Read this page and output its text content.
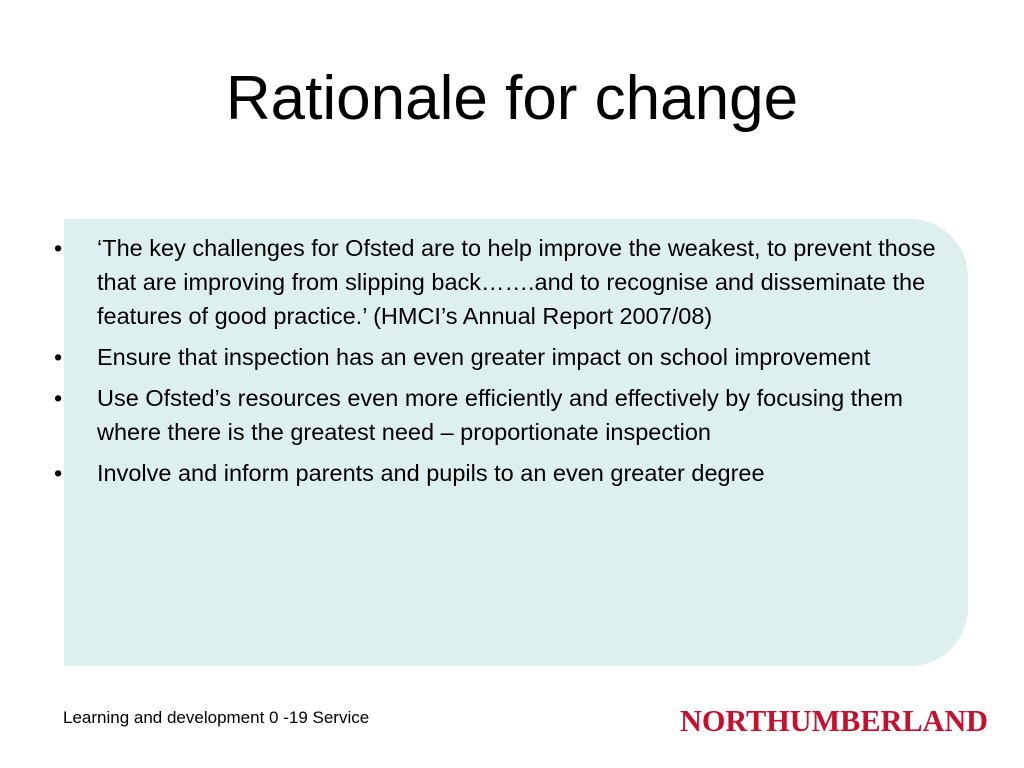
Rationale for change
•	‘The key challenges for Ofsted are to help improve the weakest, to prevent those that are improving from slipping back…….and to recognise and disseminate the features of good practice.’ (HMCI’s Annual Report 2007/08)
•	Ensure that inspection has an even greater impact on school improvement
•	Use Ofsted’s resources even more efficiently and effectively by focusing them where there is the greatest need – proportionate inspection
•	Involve and inform parents and pupils to an even greater degree
Learning and development 0 -19 Service	NORTHUMBERLAND
